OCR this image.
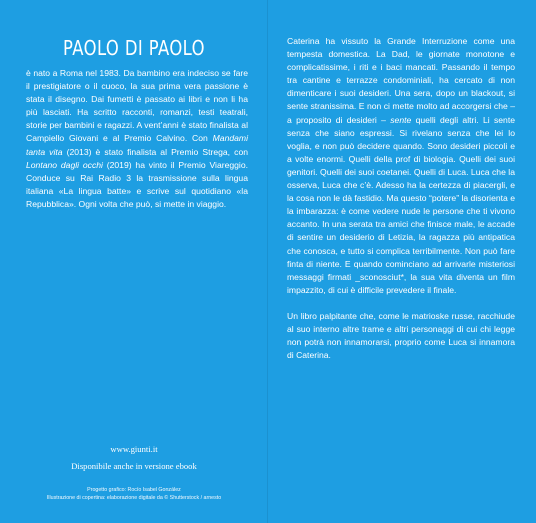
PAOLO DI PAOLO
è nato a Roma nel 1983. Da bambino era indeciso se fare il prestigiatore o il cuoco, la sua prima vera passione è stata il disegno. Dai fumetti è passato ai libri e non li ha più lasciati. Ha scritto racconti, romanzi, testi teatrali, storie per bambini e ragazzi. A vent’anni è stato finalista al Campiello Giovani e al Premio Calvino. Con Mandami tanta vita (2013) è stato finalista al Premio Strega, con Lontano dagli occhi (2019) ha vinto il Premio Viareggio. Conduce su Rai Radio 3 la trasmissione sulla lingua italiana «La lingua batte» e scrive sul quotidiano «la Repubblica». Ogni volta che può, si mette in viaggio.
www.giunti.it
Disponibile anche in versione ebook
Progetto grafico: Rocío Isabel González
Illustrazione di copertina: elaborazione digitale da © Shutterstock / arnesto

Caterina ha vissuto la Grande Interruzione come una tempesta domestica. La Dad, le giornate monotone e complicatissime, i riti e i baci mancati. Passando il tempo tra cantine e terrazze condominiali, ha cercato di non dimenticare i suoi desideri. Una sera, dopo un blackout, si sente stranissima. E non ci mette molto ad accorgersi che – a proposito di desideri – sente quelli degli altri. Li sente senza che siano espressi. Si rivelano senza che lei lo voglia, e non può decidere quando. Sono desideri piccoli e a volte enormi. Quelli della prof di biologia. Quelli dei suoi genitori. Quelli dei suoi coetanei. Quelli di Luca. Luca che la osserva, Luca che c’è. Adesso ha la certezza di piacergli, e la cosa non le dà fastidio. Ma questo “potere” la disorienta e la imbarazza: è come vedere nude le persone che ti vivono accanto. In una serata tra amici che finisce male, le accade di sentire un desiderio di Letizia, la ragazza più antipatica che conosca, e tutto si complica terribilmente. Non può fare finta di niente. E quando cominciano ad arrivarle misteriosi messaggi firmati _sconosciut*, la sua vita diventa un film impazzito, di cui è difficile prevedere il finale.

Un libro palpitante che, come le matrioske russe, racchiude al suo interno altre trame e altri personaggi di cui chi legge non potrà non innamorarsi, proprio come Luca si innamora di Caterina.
